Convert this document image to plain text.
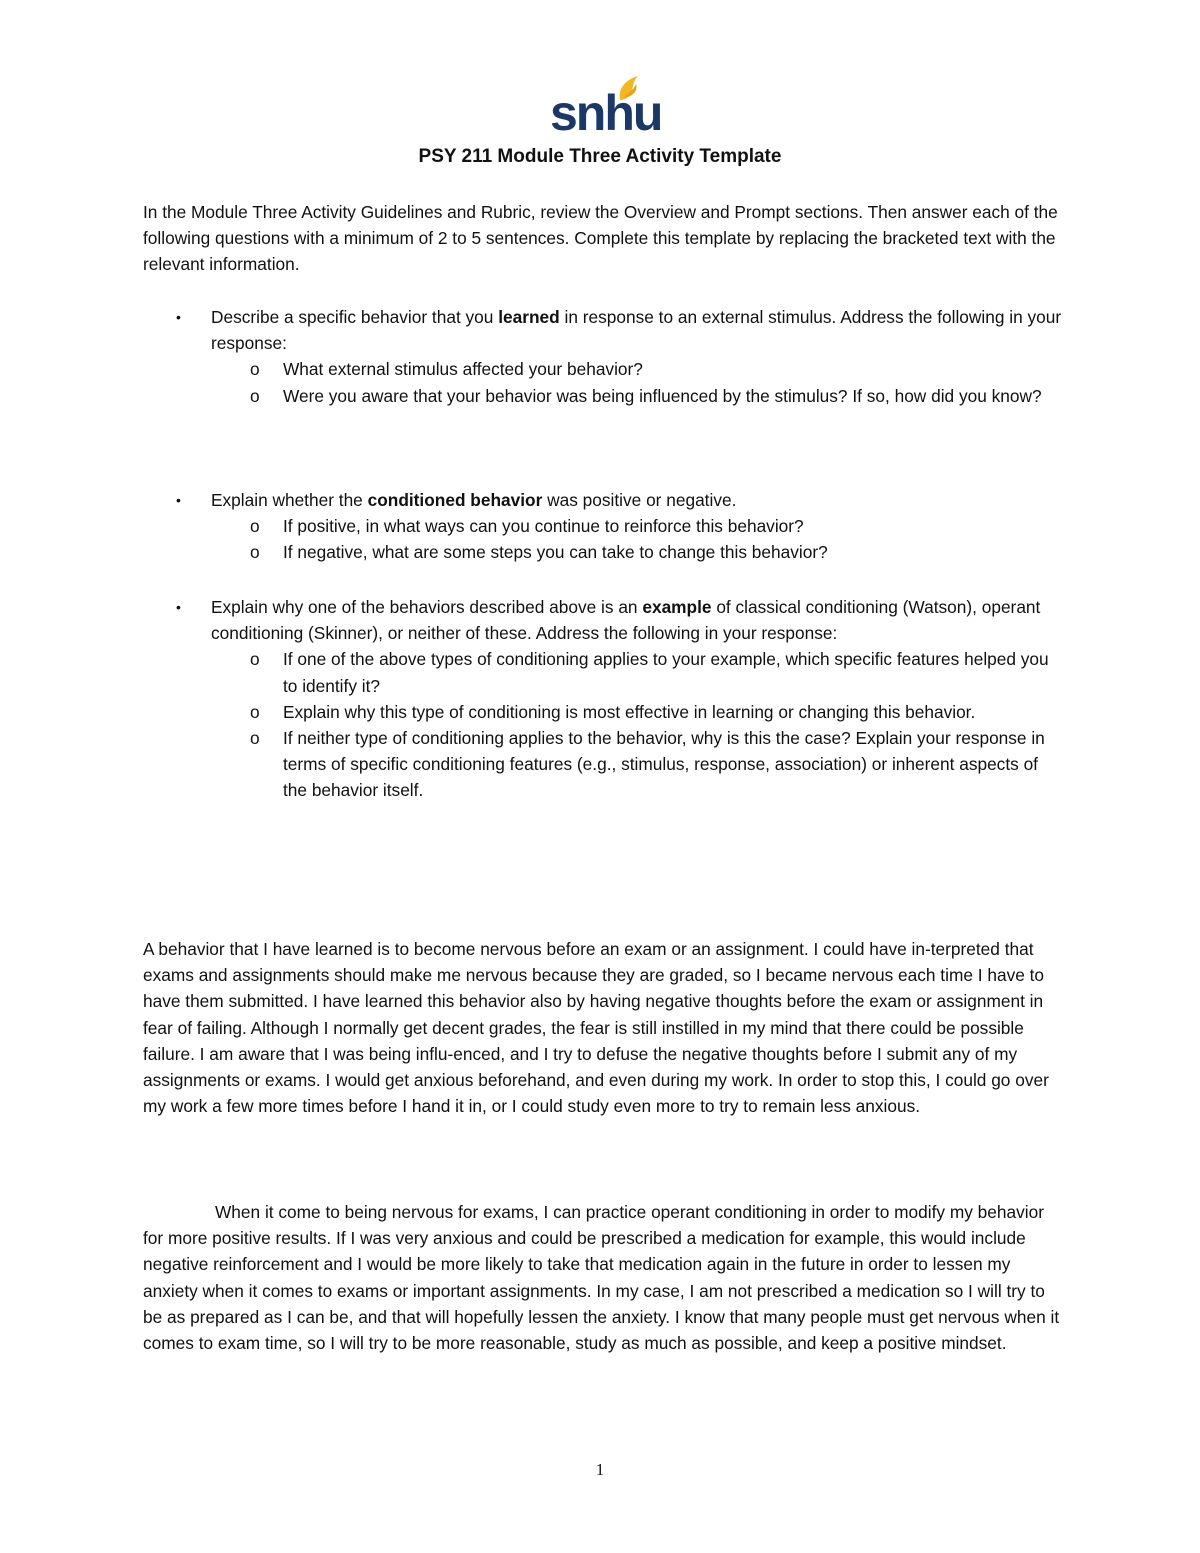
snhu
PSY 211 Module Three Activity Template
In the Module Three Activity Guidelines and Rubric, review the Overview and Prompt sections. Then answer each of the following questions with a minimum of 2 to 5 sentences. Complete this template by replacing the bracketed text with the relevant information.
• Describe a specific behavior that you learned in response to an external stimulus. Address the following in your response:
o What external stimulus affected your behavior?
o Were you aware that your behavior was being influenced by the stimulus? If so, how did you know?
• Explain whether the conditioned behavior was positive or negative.
o If positive, in what ways can you continue to reinforce this behavior?
o If negative, what are some steps you can take to change this behavior?
• Explain why one of the behaviors described above is an example of classical conditioning (Watson), operant conditioning (Skinner), or neither of these. Address the following in your response:
o If one of the above types of conditioning applies to your example, which specific features helped you to identify it?
o Explain why this type of conditioning is most effective in learning or changing this behavior.
o If neither type of conditioning applies to the behavior, why is this the case? Explain your response in terms of specific conditioning features (e.g., stimulus, response, association) or inherent aspects of the behavior itself.
A behavior that I have learned is to become nervous before an exam or an assignment. I could have in-terpreted that exams and assignments should make me nervous because they are graded, so I became nervous each time I have to have them submitted. I have learned this behavior also by having negative thoughts before the exam or assignment in fear of failing. Although I normally get decent grades, the fear is still instilled in my mind that there could be possible failure. I am aware that I was being influ-enced, and I try to defuse the negative thoughts before I submit any of my assignments or exams. I would get anxious beforehand, and even during my work. In order to stop this, I could go over my work a few more times before I hand it in, or I could study even more to try to remain less anxious.
When it come to being nervous for exams, I can practice operant conditioning in order to modify my behavior for more positive results. If I was very anxious and could be prescribed a medication for example, this would include negative reinforcement and I would be more likely to take that medication again in the future in order to lessen my anxiety when it comes to exams or important assignments. In my case, I am not prescribed a medication so I will try to be as prepared as I can be, and that will hopefully lessen the anxiety. I know that many people must get nervous when it comes to exam time, so I will try to be more reasonable, study as much as possible, and keep a positive mindset.
1
